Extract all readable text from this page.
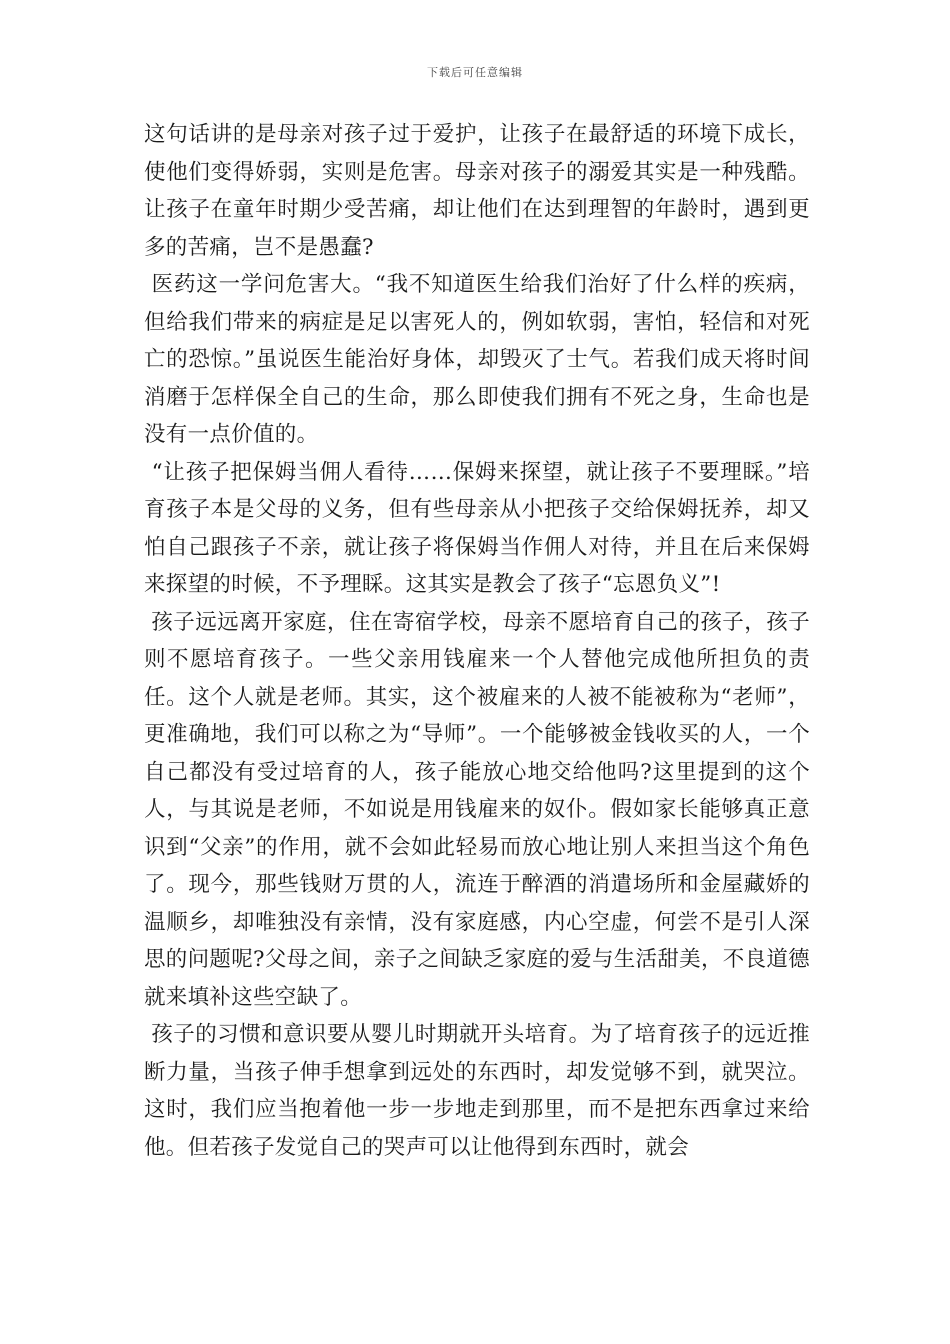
下载后可任意编辑

这句话讲的是母亲对孩子过于爱护，让孩子在最舒适的环境下成长，使他们变得娇弱，实则是危害。母亲对孩子的溺爱其实是一种残酷。让孩子在童年时期少受苦痛，却让他们在达到理智的年龄时，遇到更多的苦痛，岂不是愚蠢?

医药这一学问危害大。“我不知道医生给我们治好了什么样的疾病，但给我们带来的病症是足以害死人的，例如软弱，害怕，轻信和对死亡的恐惊。”虽说医生能治好身体，却毁灭了士气。若我们成天将时间消磨于怎样保全自己的生命，那么即使我们拥有不死之身，生命也是没有一点价值的。

“让孩子把保姆当佣人看待……保姆来探望，就让孩子不要理睬。”培育孩子本是父母的义务，但有些母亲从小把孩子交给保姆抚养，却又怕自己跟孩子不亲，就让孩子将保姆当作佣人对待，并且在后来保姆来探望的时候，不予理睬。这其实是教会了孩子“忘恩负义”!

孩子远远离开家庭，住在寄宿学校，母亲不愿培育自己的孩子，孩子则不愿培育孩子。一些父亲用钱雇来一个人替他完成他所担负的责任。这个人就是老师。其实，这个被雇来的人被不能被称为“老师”，更准确地，我们可以称之为“导师”。一个能够被金钱收买的人，一个自己都没有受过培育的人，孩子能放心地交给他吗?这里提到的这个人，与其说是老师，不如说是用钱雇来的奴仆。假如家长能够真正意识到“父亲”的作用，就不会如此轻易而放心地让别人来担当这个角色了。现今，那些钱财万贯的人，流连于醉酒的消遣场所和金屋藏娇的温顺乡，却唯独没有亲情，没有家庭感，内心空虚，何尝不是引人深思的问题呢?父母之间，亲子之间缺乏家庭的爱与生活甜美，不良道德就来填补这些空缺了。

孩子的习惯和意识要从婴儿时期就开头培育。为了培育孩子的远近推断力量，当孩子伸手想拿到远处的东西时，却发觉够不到，就哭泣。这时，我们应当抱着他一步一步地走到那里，而不是把东西拿过来给他。但若孩子发觉自己的哭声可以让他得到东西时，就会
